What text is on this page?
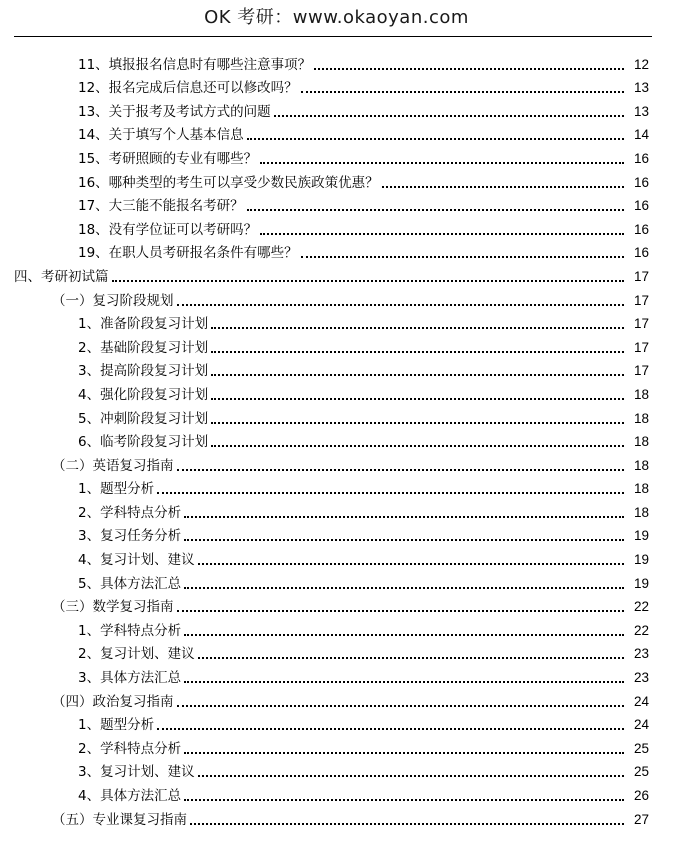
OK 考研：www.okaoyan.com
11、填报报名信息时有哪些注意事项？	12
12、报名完成后信息还可以修改吗？	13
13、关于报考及考试方式的问题	13
14、关于填写个人基本信息	14
15、考研照顾的专业有哪些？	16
16、哪种类型的考生可以享受少数民族政策优惠？	16
17、大三能不能报名考研？	16
18、没有学位证可以考研吗？	16
19、在职人员考研报名条件有哪些？	16
四、考研初试篇	17
（一）复习阶段规划	17
1、准备阶段复习计划	17
2、基础阶段复习计划	17
3、提高阶段复习计划	17
4、强化阶段复习计划	18
5、冲刺阶段复习计划	18
6、临考阶段复习计划	18
（二）英语复习指南	18
1、题型分析	18
2、学科特点分析	18
3、复习任务分析	19
4、复习计划、建议	19
5、具体方法汇总	19
（三）数学复习指南	22
1、学科特点分析	22
2、复习计划、建议	23
3、具体方法汇总	23
（四）政治复习指南	24
1、题型分析	24
2、学科特点分析	25
3、复习计划、建议	25
4、具体方法汇总	26
（五）专业课复习指南	27
